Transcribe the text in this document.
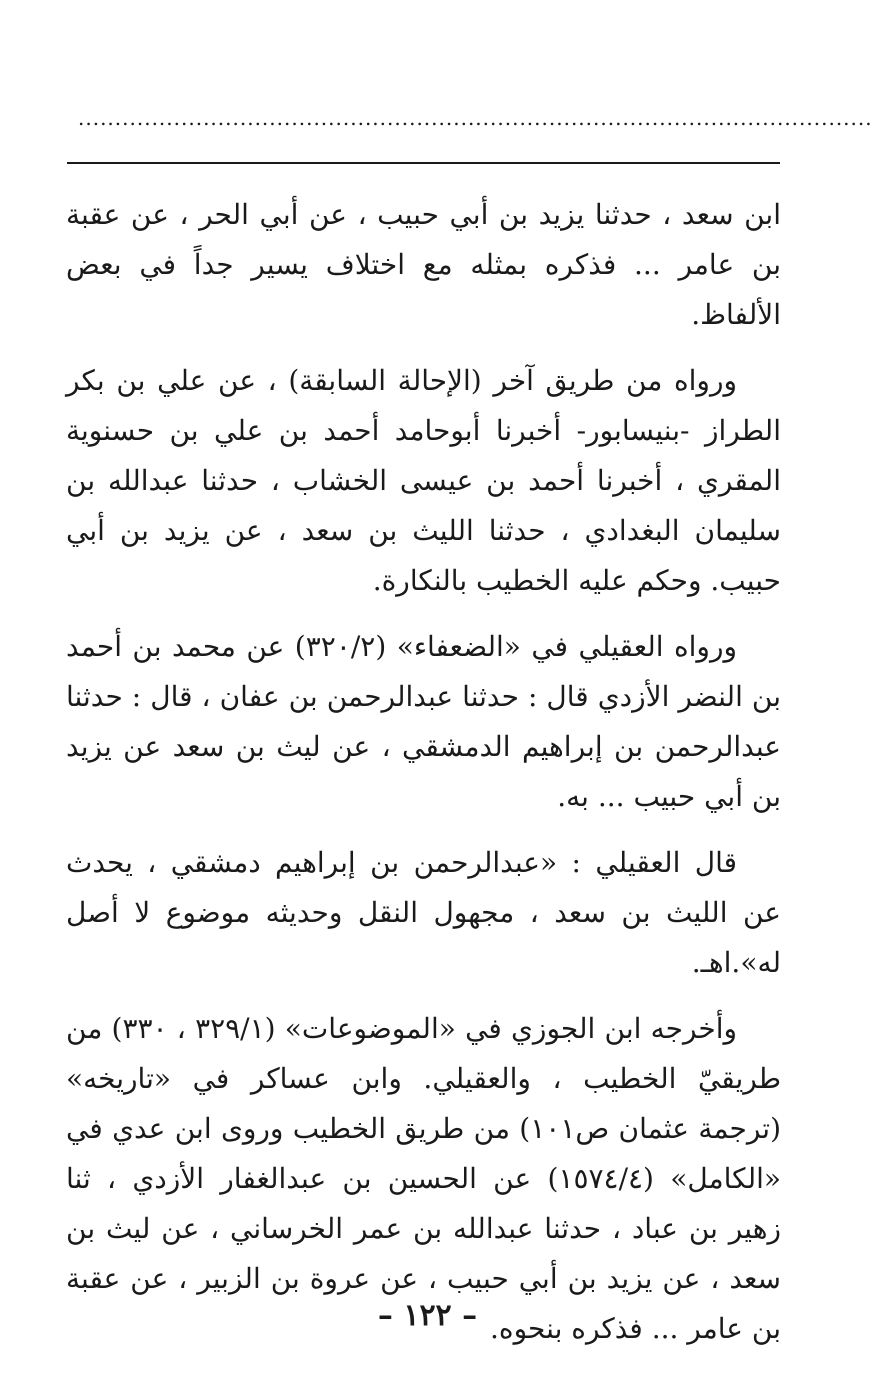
............................................................................................................

ابن سعد ، حدثنا يزيد بن أبي حبيب ، عن أبي الحر ، عن عقبة بن عامر ... فذكره بمثله مع اختلاف يسير جداً في بعض الألفاظ.

ورواه من طريق آخر (الإحالة السابقة) ، عن علي بن بكر الطراز -بنيسابور- أخبرنا أبوحامد أحمد بن علي بن حسنوية المقري ، أخبرنا أحمد بن عيسى الخشاب ، حدثنا عبدالله بن سليمان البغدادي ، حدثنا الليث بن سعد ، عن يزيد بن أبي حبيب. وحكم عليه الخطيب بالنكارة.

ورواه العقيلي في «الضعفاء» (٣٢٠/٢) عن محمد بن أحمد بن النضر الأزدي قال : حدثنا عبدالرحمن بن عفان ، قال : حدثنا عبدالرحمن بن إبراهيم الدمشقي ، عن ليث بن سعد عن يزيد بن أبي حبيب ... به.

قال العقيلي : «عبدالرحمن بن إبراهيم دمشقي ، يحدث عن الليث بن سعد ، مجهول النقل وحديثه موضوع لا أصل له».اهـ.

وأخرجه ابن الجوزي في «الموضوعات» (٣٢٩/١ ، ٣٣٠) من طريقيّ الخطيب ، والعقيلي. وابن عساكر في «تاريخه» (ترجمة عثمان ص١٠١) من طريق الخطيب وروى ابن عدي في «الكامل» (١٥٧٤/٤) عن الحسين بن عبدالغفار الأزدي ، ثنا زهير بن عباد ، حدثنا عبدالله بن عمر الخرساني ، عن ليث بن سعد ، عن يزيد بن أبي حبيب ، عن عروة بن الزبير ، عن عقبة بن عامر ... فذكره بنحوه.

– ١٢٢ –
